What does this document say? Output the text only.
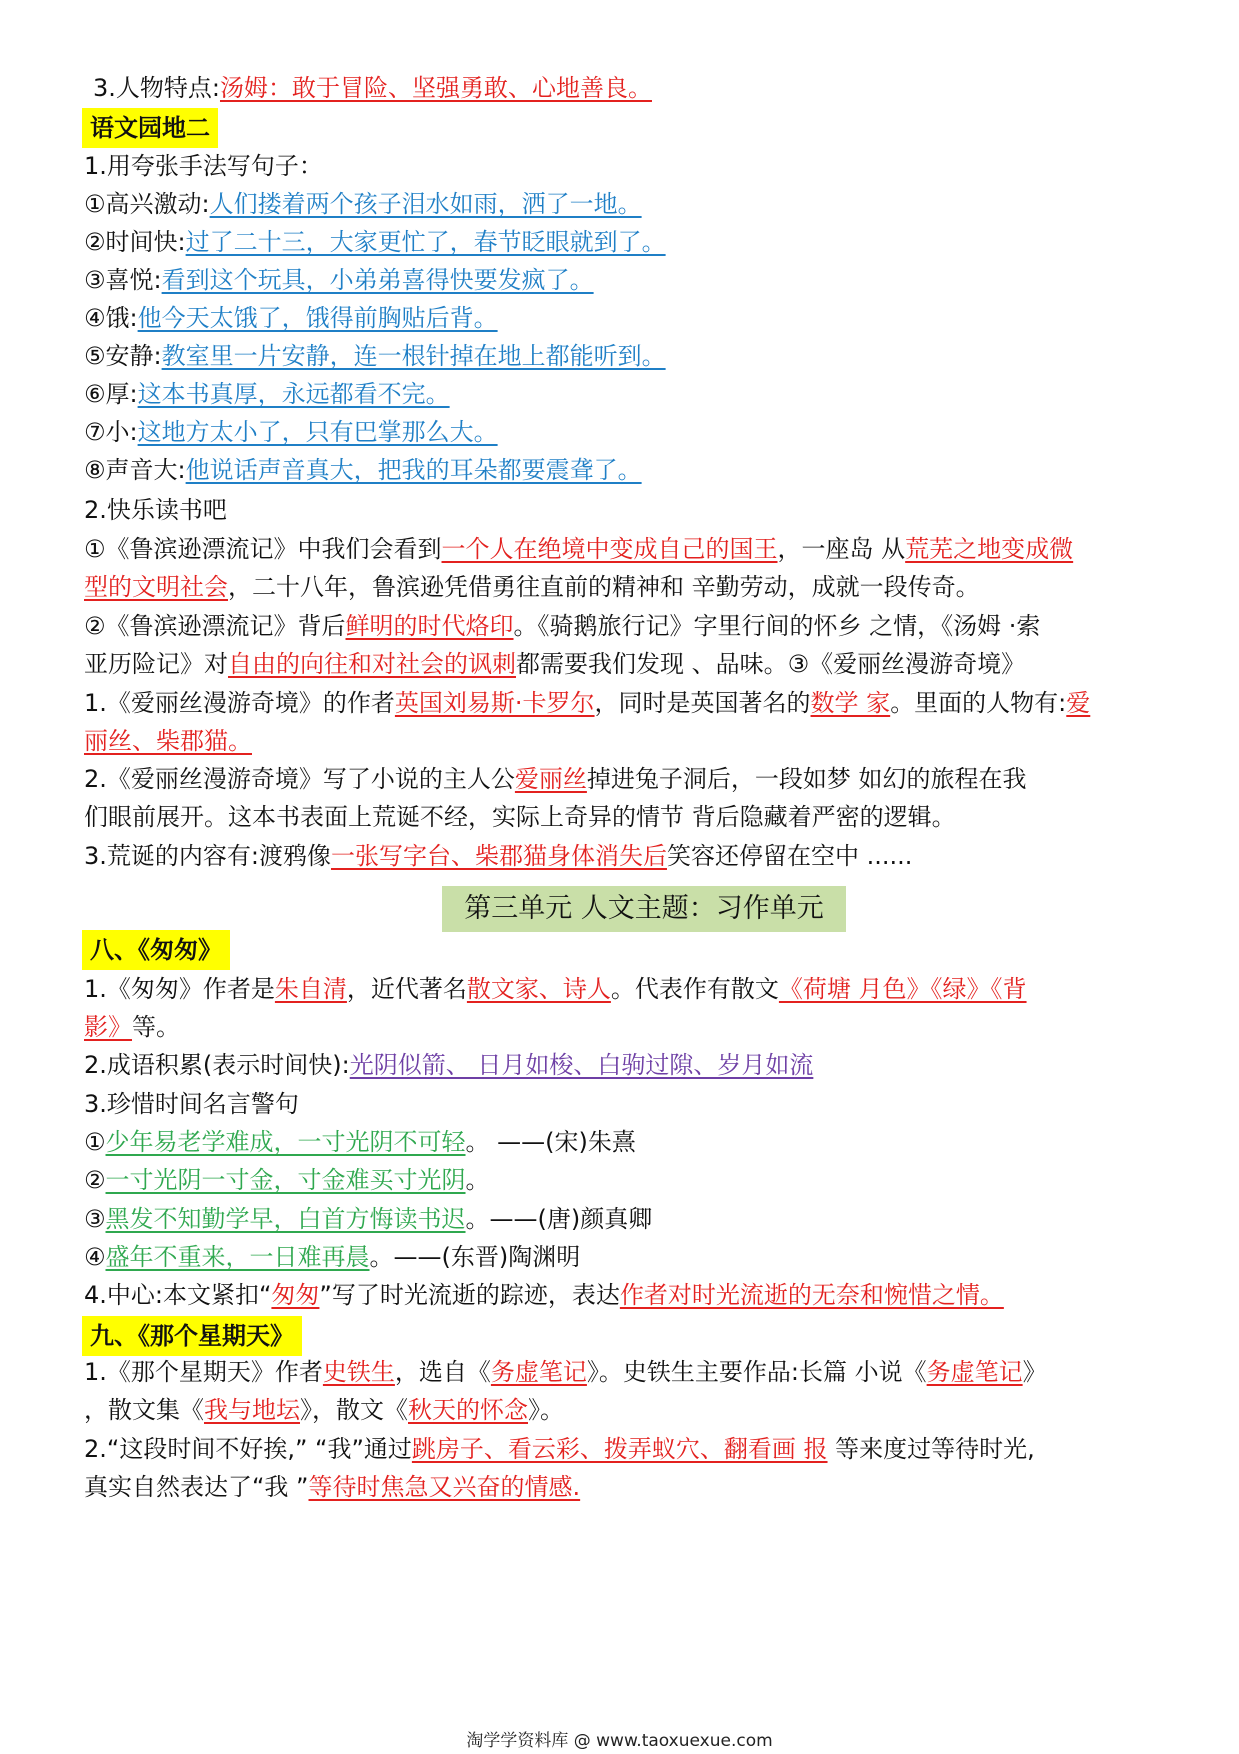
3.人物特点:汤姆：敢于冒险、坚强勇敢、心地善良。
语文园地二
1.用夸张手法写句子：
①高兴激动:人们搂着两个孩子泪水如雨，洒了一地。
②时间快:过了二十三，大家更忙了，春节眨眼就到了。
③喜悦:看到这个玩具，小弟弟喜得快要发疯了。
④饿:他今天太饿了，饿得前胸贴后背。
⑤安静:教室里一片安静，连一根针掉在地上都能听到。
⑥厚:这本书真厚，永远都看不完。
⑦小:这地方太小了，只有巴掌那么大。
⑧声音大:他说话声音真大，把我的耳朵都要震聋了。
2.快乐读书吧
①《鲁滨逊漂流记》中我们会看到一个人在绝境中变成自己的国王，一座岛 从荒芜之地变成微
型的文明社会，二十八年，鲁滨逊凭借勇往直前的精神和 辛勤劳动，成就一段传奇。
②《鲁滨逊漂流记》背后鲜明的时代烙印。《骑鹅旅行记》字里行间的怀乡 之情，《汤姆 ·索
亚历险记》对自由的向往和对社会的讽刺都需要我们发现 、品味。③《爱丽丝漫游奇境》
1.《爱丽丝漫游奇境》的作者英国刘易斯·卡罗尔，同时是英国著名的数学 家。里面的人物有:爱
丽丝、柴郡猫。
2.《爱丽丝漫游奇境》写了小说的主人公爱丽丝掉进兔子洞后，一段如梦 如幻的旅程在我
们眼前展开。这本书表面上荒诞不经，实际上奇异的情节 背后隐藏着严密的逻辑。
3.荒诞的内容有:渡鸦像一张写字台、柴郡猫身体消失后笑容还停留在空中 ......
第三单元 人文主题：习作单元
八、《匆匆》
1.《匆匆》作者是朱自清，近代著名散文家、诗人。代表作有散文《荷塘 月色》《绿》《背
影》等。
2.成语积累(表示时间快):光阴似箭、 日月如梭、白驹过隙、岁月如流
3.珍惜时间名言警句
①少年易老学难成，一寸光阴不可轻。 ——(宋)朱熹
②一寸光阴一寸金，寸金难买寸光阴。
③黑发不知勤学早，白首方悔读书迟。——(唐)颜真卿
④盛年不重来，一日难再晨。——(东晋)陶渊明
4.中心:本文紧扣“匆匆”写了时光流逝的踪迹，表达作者对时光流逝的无奈和惋惜之情。
九、《那个星期天》
1.《那个星期天》作者史铁生，选自《务虚笔记》。史铁生主要作品:长篇 小说《务虚笔记》
，散文集《我与地坛》，散文《秋天的怀念》。
2.“这段时间不好挨,” “我”通过跳房子、看云彩、拨弄蚁穴、翻看画 报 等来度过等待时光,
真实自然表达了“我 ”等待时焦急又兴奋的情感.
淘学学资料库 @ www.taoxuexue.com
